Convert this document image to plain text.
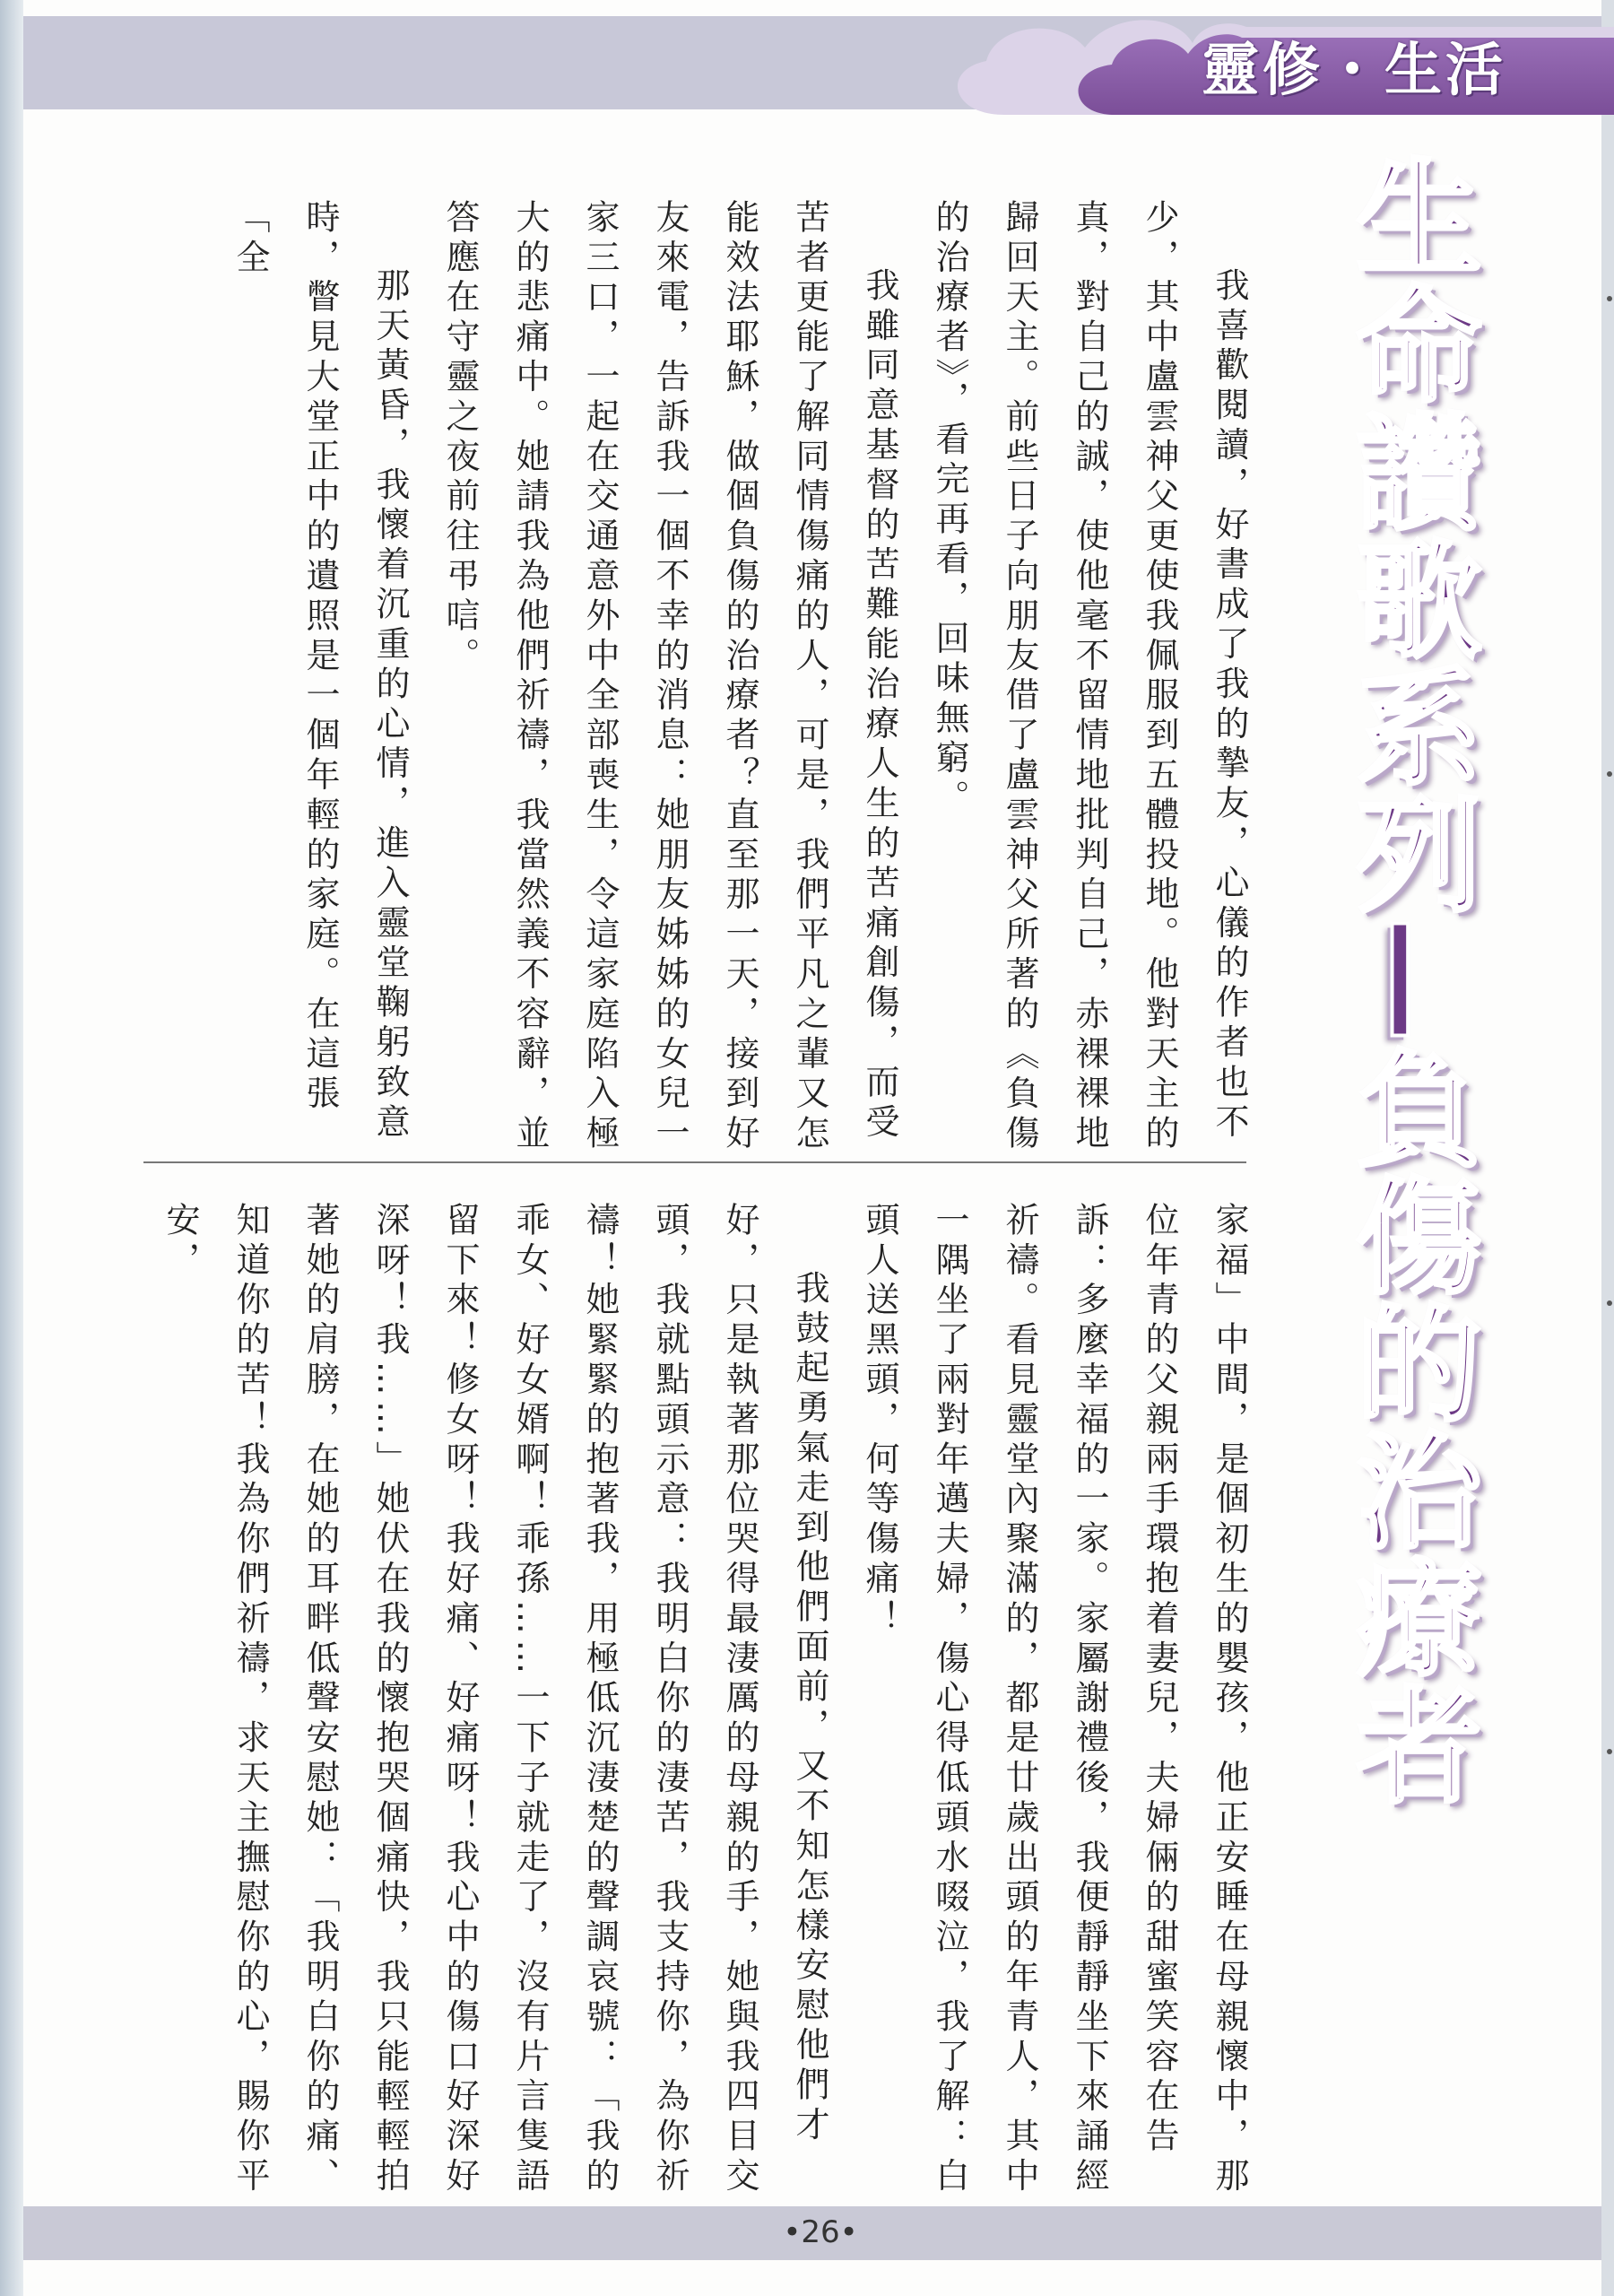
靈修・生活
生命讚歌系列—負傷的治療者

我喜歡閱讀，好書成了我的摯友，心儀的作者也不少，其中盧雲神父更使我佩服到五體投地。他對天主的真，對自己的誠，使他毫不留情地批判自己，赤裸裸地歸回天主。前些日子向朋友借了盧雲神父所著的《負傷的治療者》，看完再看，回味無窮。

我雖同意基督的苦難能治療人生的苦痛創傷，而受苦者更能了解同情傷痛的人，可是，我們平凡之輩又怎能效法耶穌，做個負傷的治療者？直至那一天，接到好友來電，告訴我一個不幸的消息：她朋友姊姊的女兒一家三口，一起在交通意外中全部喪生，令這家庭陷入極大的悲痛中。她請我為他們祈禱，我當然義不容辭，並答應在守靈之夜前往弔唁。

那天黃昏，我懷着沉重的心情，進入靈堂鞠躬致意時，瞥見大堂正中的遺照是一個年輕的家庭。在這張「全

家福」中間，是個初生的嬰孩，他正安睡在母親懷中，那位年青的父親兩手環抱着妻兒，夫婦倆的甜蜜笑容在告訴：多麼幸福的一家。家屬謝禮後，我便靜靜坐下來誦經祈禱。看見靈堂內聚滿的，都是廿歲出頭的年青人，其中一隅坐了兩對年邁夫婦，傷心得低頭水啜泣，我了解：白頭人送黑頭，何等傷痛！

我鼓起勇氣走到他們面前，又不知怎樣安慰他們才好，只是執著那位哭得最淒厲的母親的手，她與我四目交頭，我就點頭示意：我明白你的淒苦，我支持你，為你祈禱！她緊緊的抱著我，用極低沉淒楚的聲調哀號：「我的乖女、好女婿啊！乖孫……一下子就走了，沒有片言隻語留下來！修女呀！我好痛、好痛呀！我心中的傷口好深好深呀！我……」她伏在我的懷抱哭個痛快，我只能輕輕拍著她的肩膀，在她的耳畔低聲安慰她：「我明白你的痛、知道你的苦！我為你們祈禱，求天主撫慰你的心，賜你平安，

•26•
